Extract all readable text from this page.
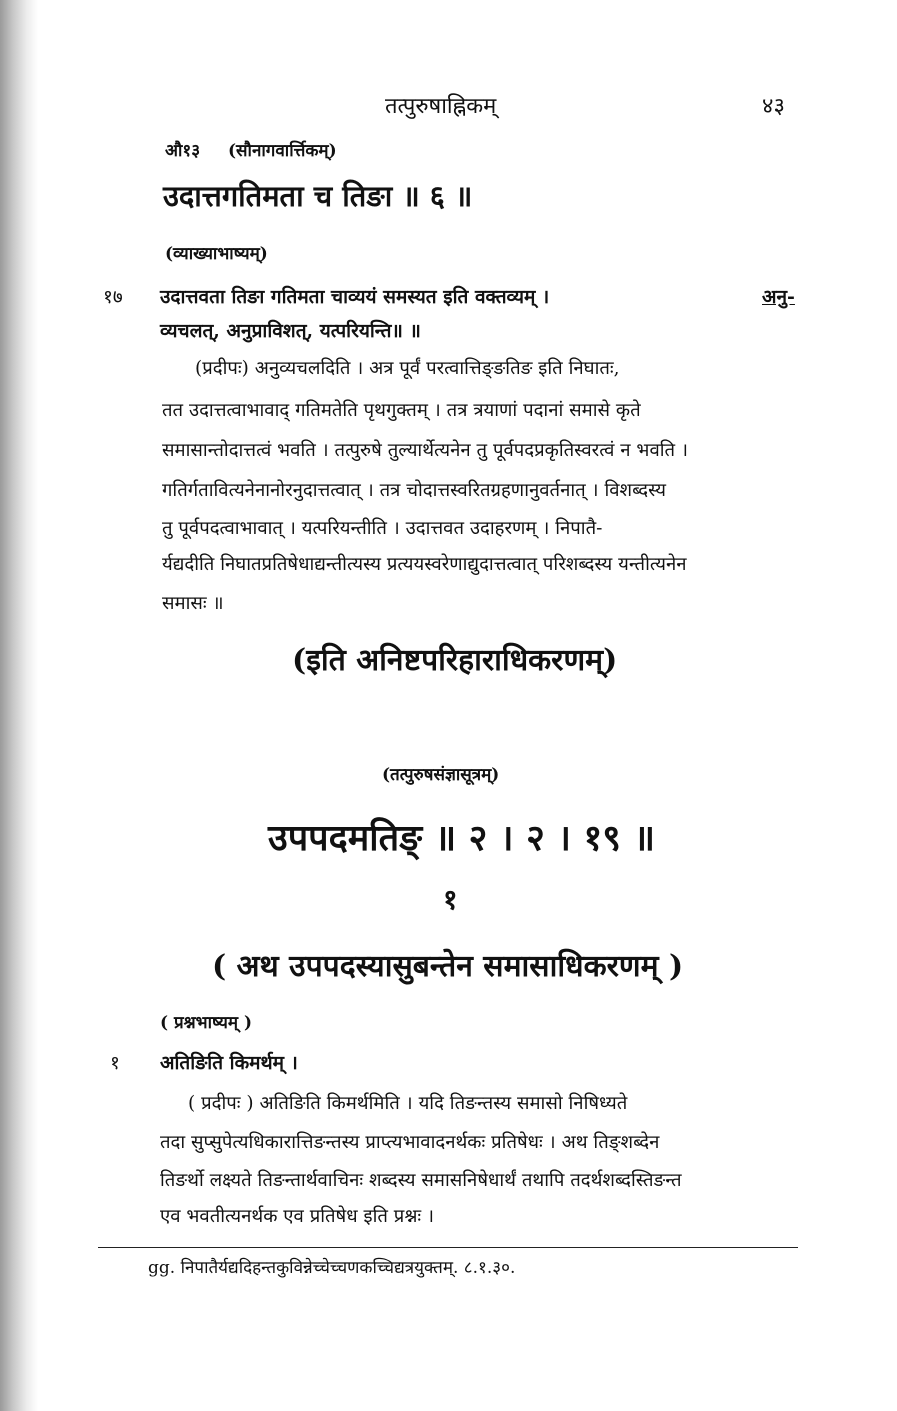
तत्पुरुषाह्निकम्	४३
औ१३ (सौनागवार्त्तिकम्)
उदात्तगतिमता च तिङा ॥ ६ ॥
(व्याख्याभाष्यम्)
१७ उदात्तवता तिङा गतिमता चाव्ययं समस्यत इति वक्तव्यम् ।	अनु-
व्यचलत्, अनुप्राविशत्, यत्परियन्ति॥ ॥
(प्रदीपः) अनुव्यचलदिति । अत्र पूर्वं परत्वात्तिङ्ङतिङ इति निघातः,
तत उदात्तत्वाभावाद् गतिमतेति पृथगुक्तम् । तत्र त्रयाणां पदानां समासे कृते
समासान्तोदात्तत्वं भवति । तत्पुरुषे तुल्यार्थेत्यनेन तु पूर्वपदप्रकृतिस्वरत्वं न भवति ।
गतिर्गतावित्यनेनानोरनुदात्तत्वात् । तत्र चोदात्तस्वरितग्रहणानुवर्तनात् । विशब्दस्य
तु पूर्वपदत्वाभावात् । यत्परियन्तीति । उदात्तवत उदाहरणम् । निपातै-
र्यद्यदीति निघातप्रतिषेधाद्यन्तीत्यस्य प्रत्ययस्वरेणाद्युदात्तत्वात् परिशब्दस्य यन्तीत्यनेन
समासः ॥
(इति अनिष्टपरिहाराधिकरणम्)
(तत्पुरुषसंज्ञासूत्रम्)
उपपदमतिङ् ॥ २ । २ । १९ ॥
१
( अथ उपपदस्यासुबन्तेन समासाधिकरणम् )
( प्रश्नभाष्यम् )
१ अतिङिति किमर्थम् ।
( प्रदीपः ) अतिङिति किमर्थमिति । यदि तिङन्तस्य समासो निषिध्यते
तदा सुप्सुपेत्यधिकारात्तिङन्तस्य प्राप्त्यभावादनर्थकः प्रतिषेधः । अथ तिङ्शब्देन
तिङर्थो लक्ष्यते तिङन्तार्थवाचिनः शब्दस्य समासनिषेधार्थं तथापि तदर्थशब्दस्तिङन्त
एव भवतीत्यनर्थक एव प्रतिषेध इति प्रश्नः ।
gg. निपातैर्यद्यदिहन्तकुविन्नेच्चेच्चणकच्चिद्यत्रयुक्तम्. ८.१.३०.
